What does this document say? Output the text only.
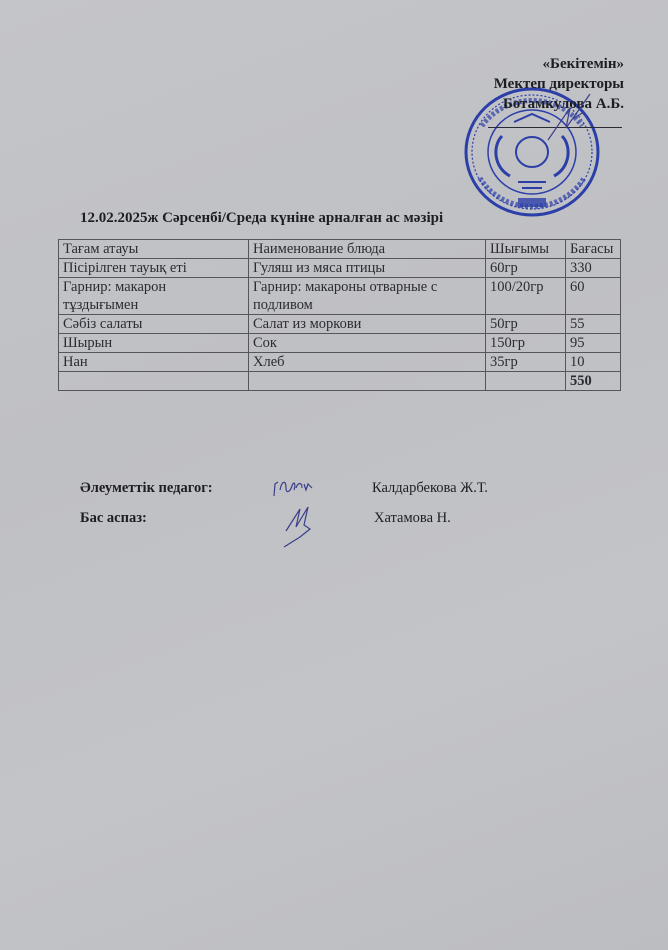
«Бекітемін»
Мектеп директоры
Ботамкулова А.Б.
12.02.2025ж Сәрсенбі/Среда күніне арналған ас мәзірі
Тағам атауы	Наименование блюда	Шығымы	Бағасы
Пісірілген тауық еті	Гуляш из мяса птицы	60гр	330
Гарнир: макарон тұздығымен	Гарнир: макароны отварные с подливом	100/20гр	60
Сәбіз салаты	Салат из моркови	50гр	55
Шырын	Сок	150гр	95
Нан	Хлеб	35гр	10
			550
Әлеуметтік педагог:	Калдарбекова Ж.Т.
Бас аспаз:	Хатамова Н.
